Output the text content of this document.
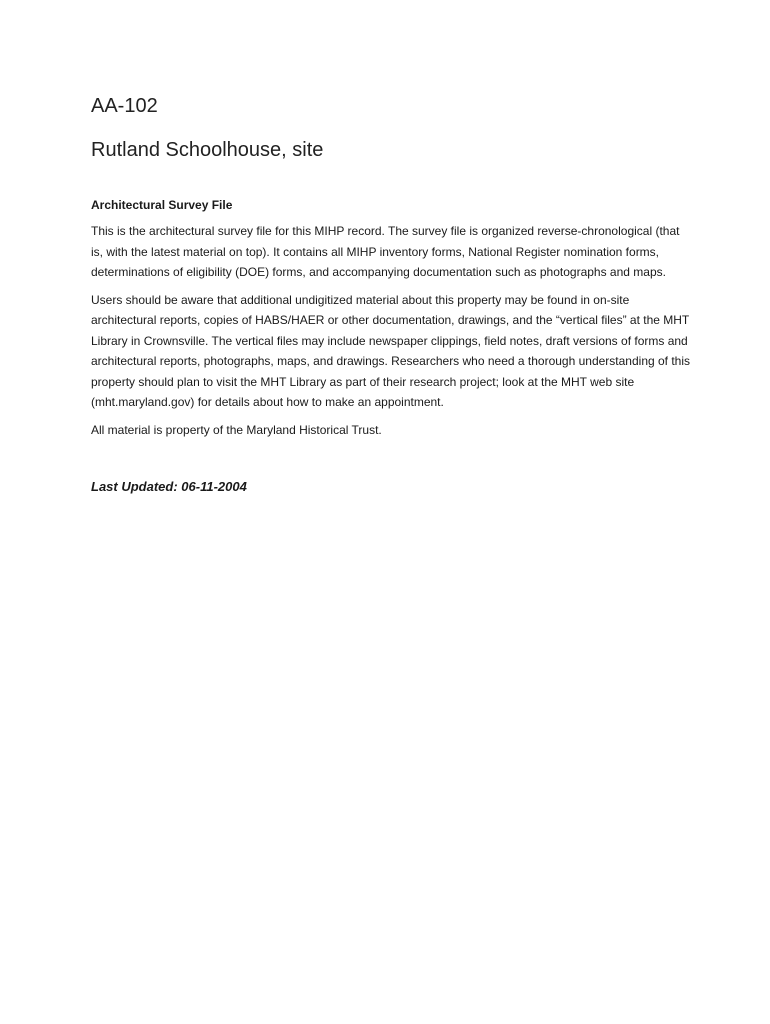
AA-102
Rutland Schoolhouse, site
Architectural Survey File

This is the architectural survey file for this MIHP record. The survey file is organized reverse-chronological (that is, with the latest material on top). It contains all MIHP inventory forms, National Register nomination forms, determinations of eligibility (DOE) forms, and accompanying documentation such as photographs and maps.

Users should be aware that additional undigitized material about this property may be found in on-site architectural reports, copies of HABS/HAER or other documentation, drawings, and the “vertical files” at the MHT Library in Crownsville. The vertical files may include newspaper clippings, field notes, draft versions of forms and architectural reports, photographs, maps, and drawings. Researchers who need a thorough understanding of this property should plan to visit the MHT Library as part of their research project; look at the MHT web site (mht.maryland.gov) for details about how to make an appointment.

All material is property of the Maryland Historical Trust.

Last Updated: 06-11-2004
